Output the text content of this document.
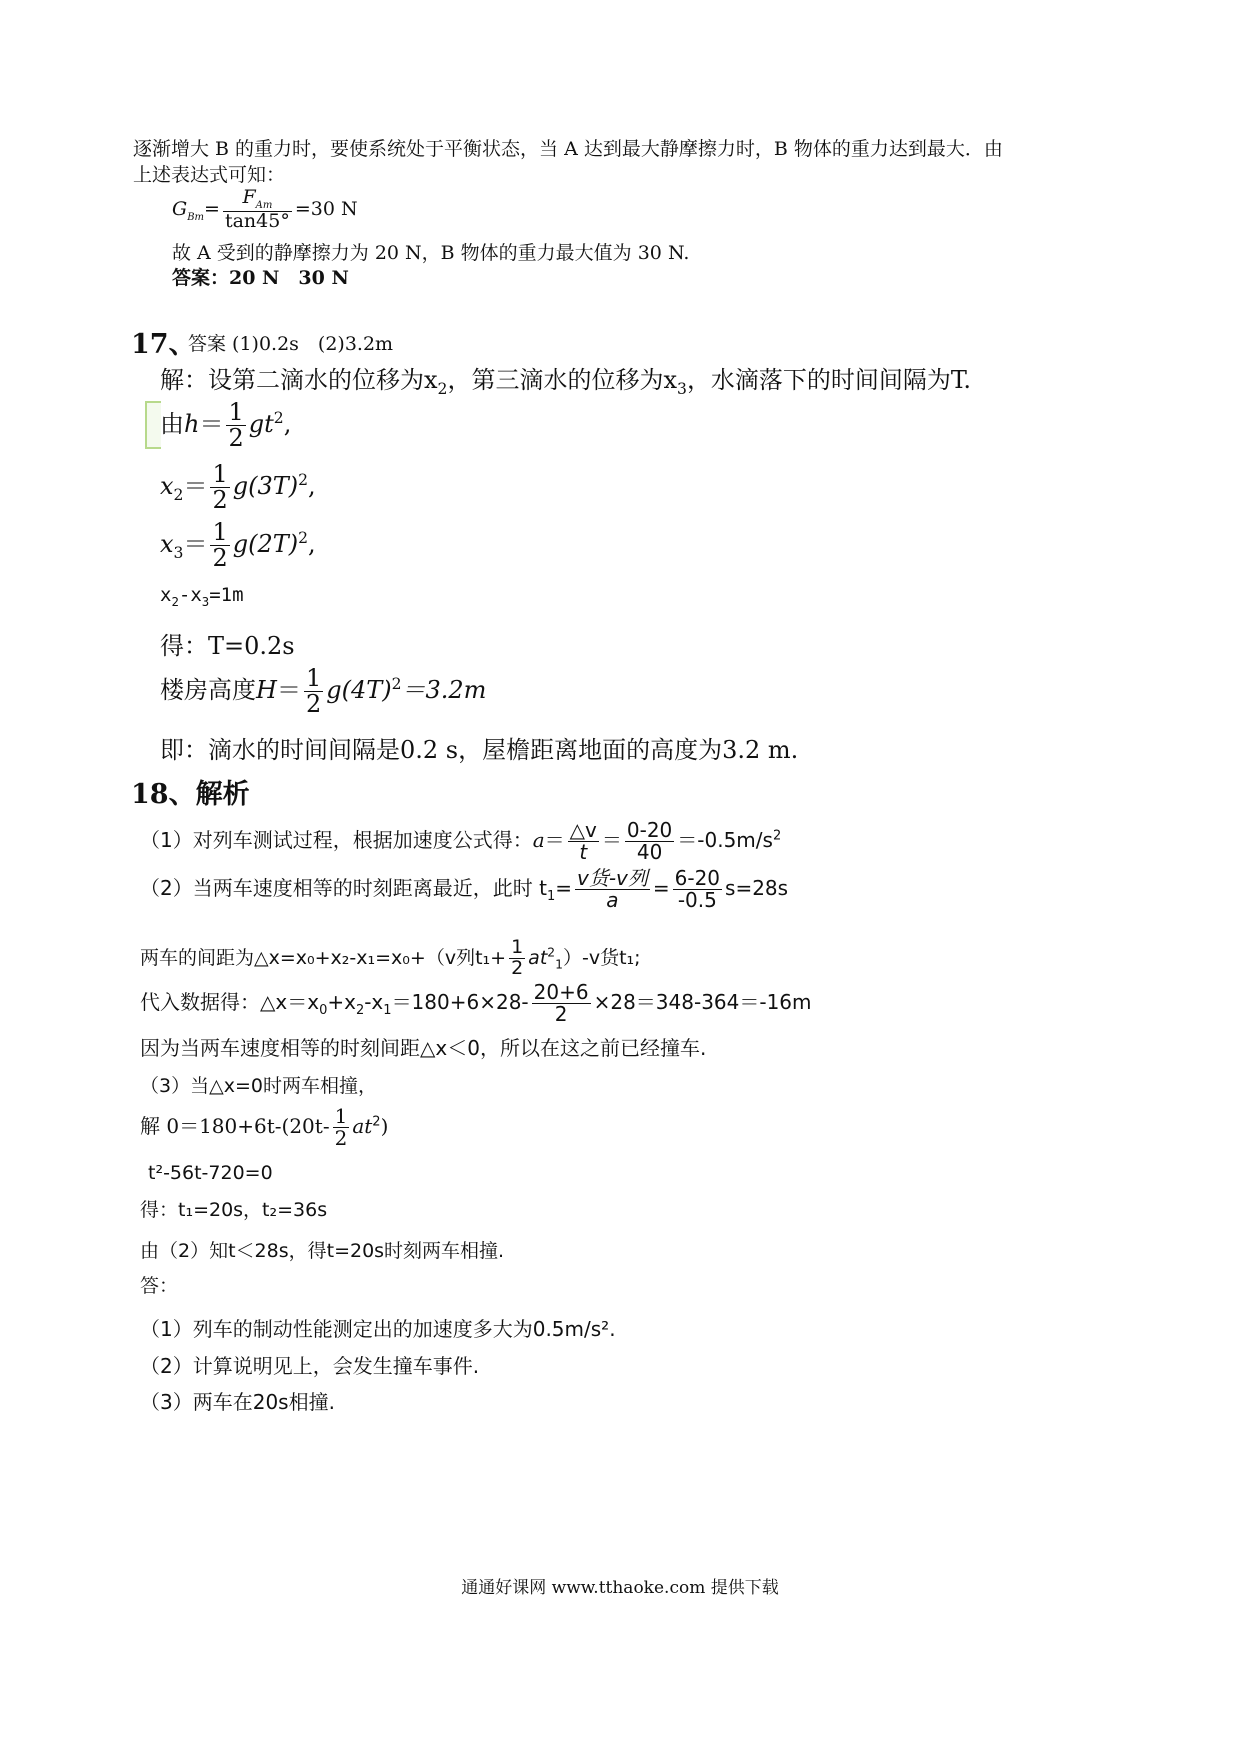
逐渐增大 B 的重力时，要使系统处于平衡状态，当 A 达到最大静摩擦力时，B 物体的重力达到最大．由
上述表达式可知：
$G_{Bm}= \frac{F_{Am}}{\tan 45^\circ} =30$ N
故 A 受到的静摩擦力为 20 N，B 物体的重力最大值为 30 N.
答案：20 N　30 N
17、
答案 (1)0.2s　(2)3.2m
解：设第二滴水的位移为$x_2$，第三滴水的位移为$x_3$，水滴落下的时间间隔为T.
由$h= \frac{1}{2} gt^2$,
$x_2= \frac{1}{2} g(3T)^2$,
$x_3= \frac{1}{2} g(2T)^2$,
$x_2-x_3=1m$
得：T=0.2s
楼房高度$H= \frac{1}{2} g(4T)^2=3.2m$
即：滴水的时间间隔是0.2 s，屋檐距离地面的高度为3.2 m.
18、解析
（1）对列车测试过程，根据加速度公式得：$a= \frac{\triangle v}{t} = \frac{0-20}{40} =-0.5m/s^2$
（2）当两车速度相等的时刻距离最近，此时 $t_1= \frac{\text{v货-v列}}{a} = \frac{6-20}{-0.5} s=28s$
两车的间距为△x=x₀+x₂-x₁=x₀+（v列$t_1+ \frac{1}{2} at^2_1)-v$货t₁;
代入数据得：$\triangle x=x_0+x_2-x_1=180+6\times 28- \frac{20+6}{2} \times 28=348-364=-16m$
因为当两车速度相等的时刻间距△x＜0，所以在这之前已经撞车.
（3）当△x=0时两车相撞，
解 $0=180+6t-(20t- \frac{1}{2} at^2)$
t²-56t-720=0
得：t₁=20s，t₂=36s
由（2）知t＜28s，得t=20s时刻两车相撞.
答：
（1）列车的制动性能测定出的加速度多大为0.5m/s².
（2）计算说明见上，会发生撞车事件.
（3）两车在20s相撞.
通通好课网 www.tthaoke.com 提供下载
